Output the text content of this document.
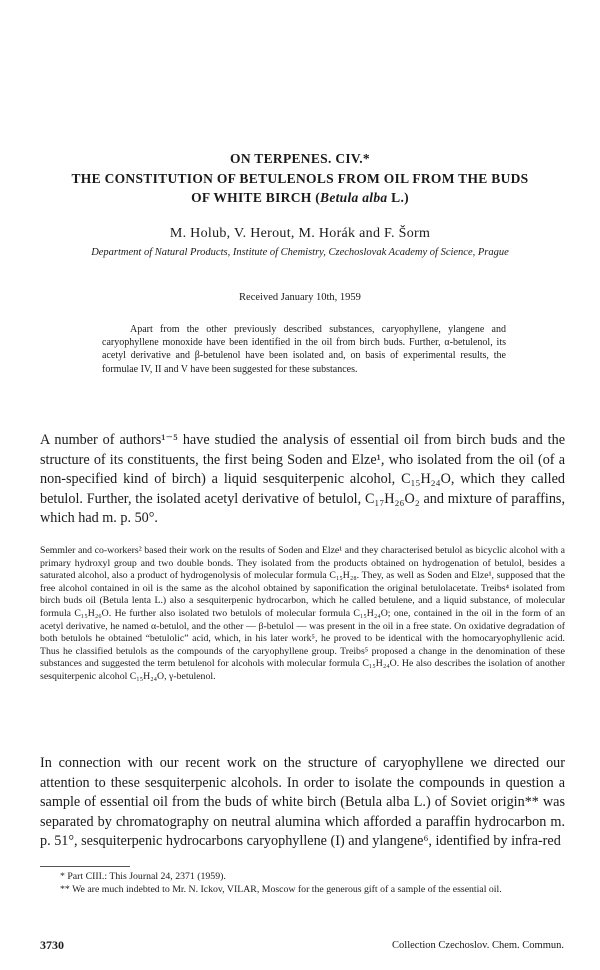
ON TERPENES. CIV.*
THE CONSTITUTION OF BETULENOLS FROM OIL FROM THE BUDS
OF WHITE BIRCH (Betula alba L.)
M. Holub, V. Herout, M. Horák and F. Šorm
Department of Natural Products, Institute of Chemistry, Czechoslovak Academy of Science, Prague
Received January 10th, 1959

Apart from the other previously described substances, caryophyllene, ylangene and caryophyllene monoxide have been identified in the oil from birch buds. Further, α-betulenol, its acetyl derivative and β-betulenol have been isolated and, on basis of experimental results, the formulae IV, II and V have been suggested for these substances.

A number of authors¹⁻⁵ have studied the analysis of essential oil from birch buds and the structure of its constituents, the first being Soden and Elze¹, who isolated from the oil (of a non-specified kind of birch) a liquid sesquiterpenic alcohol, C₁₅H₂₄O, which they called betulol. Further, the isolated acetyl derivative of betulol, C₁₇H₂₆O₂ and mixture of paraffins, which had m. p. 50°.

Semmler and co-workers² based their work on the results of Soden and Elze¹ and they characterised betulol as bicyclic alcohol with a primary hydroxyl group and two double bonds. They isolated from the products obtained on hydrogenation of betulol, besides a saturated alcohol, also a product of hydrogenolysis of molecular formula C₁₅H₂₈. They, as well as Soden and Elze¹, supposed that the free alcohol contained in oil is the same as the alcohol obtained by saponification the original betulolacetate. Treibs⁴ isolated from birch buds oil (Betula lenta L.) also a sesquiterpenic hydrocarbon, which he called betulene, and a liquid substance, of molecular formula C₁₅H₂₆O. He further also isolated two betulols of molecular formula C₁₅H₂₄O; one, contained in the oil in the form of an acetyl derivative, he named α-betulol, and the other — β-betulol — was present in the oil in a free state. On oxidative degradation of both betulols he obtained “betulolic” acid, which, in his later work⁵, he proved to be identical with the homocaryophyllenic acid. Thus he classified betulols as the compounds of the caryophyllene group. Treibs⁵ proposed a change in the denomination of these substances and suggested the term betulenol for alcohols with molecular formula C₁₅H₂₄O. He also describes the isolation of another sesquiterpenic alcohol C₁₅H₂₄O, γ-betulenol.

In connection with our recent work on the structure of caryophyllene we directed our attention to these sesquiterpenic alcohols. In order to isolate the compounds in question a sample of essential oil from the buds of white birch (Betula alba L.) of Soviet origin** was separated by chromatography on neutral alumina which afforded a paraffin hydrocarbon m. p. 51°, sesquiterpenic hydrocarbons caryophyllene (I) and ylangene⁶, identified by infra-red

* Part CIII.: This Journal 24, 2371 (1959).

** We are much indebted to Mr. N. Ickov, VILAR, Moscow for the generous gift of a sample of the essential oil.

3730	Collection Czechoslov. Chem. Commun.
